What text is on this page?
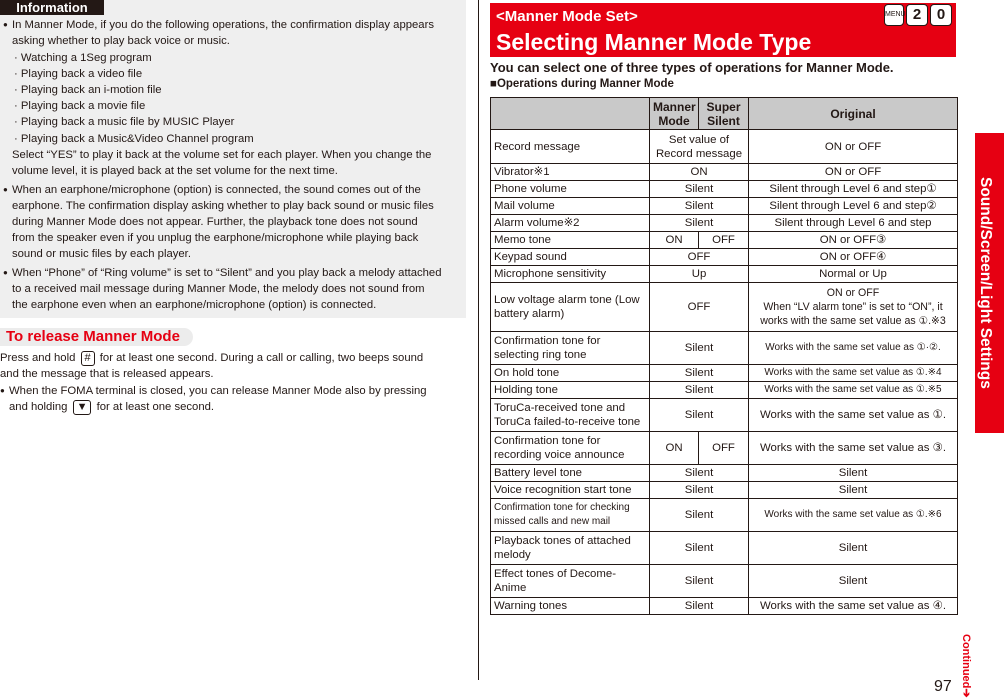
Information
● In Manner Mode, if you do the following operations, the confirmation display appears
asking whether to play back voice or music.
· Watching a 1Seg program
· Playing back a video file
· Playing back an i-motion file
· Playing back a movie file
· Playing back a music file by MUSIC Player
· Playing back a Music&Video Channel program
Select “YES” to play it back at the volume set for each player. When you change the
volume level, it is played back at the set volume for the next time.
● When an earphone/microphone (option) is connected, the sound comes out of the
earphone. The confirmation display asking whether to play back sound or music files
during Manner Mode does not appear. Further, the playback tone does not sound
from the speaker even if you unplug the earphone/microphone while playing back
sound or music files by each player.
● When “Phone” of “Ring volume” is set to “Silent” and you play back a melody attached
to a received mail message during Manner Mode, the melody does not sound from
the earphone even when an earphone/microphone (option) is connected.
To release Manner Mode
Press and hold # for at least one second. During a call or calling, two beeps sound
and the message that is released appears.
● When the FOMA terminal is closed, you can release Manner Mode also by pressing
and holding ▼ for at least one second.
<Manner Mode Set>
Selecting Manner Mode Type
MENU 2	0
You can select one of three types of operations for Manner Mode.
■Operations during Manner Mode
	Manner Mode	Super Silent	Original
Record message	Set value of Record message		ON or OFF
Vibrator※1	ON		ON or OFF
Phone volume	Silent		Silent through Level 6 and step①
Mail volume	Silent		Silent through Level 6 and step②
Alarm volume※2	Silent		Silent through Level 6 and step
Memo tone	ON	OFF	ON or OFF③
Keypad sound	OFF		ON or OFF④
Microphone sensitivity	Up		Normal or Up
Low voltage alarm tone (Low battery alarm)	OFF		ON or OFF
When “LV alarm tone” is set to “ON”, it works with the same set value as ①.※3
Confirmation tone for selecting ring tone	Silent		Works with the same set value as ①·②.
On hold tone	Silent		Works with the same set value as ①.※4
Holding tone	Silent		Works with the same set value as ①.※5
ToruCa-received tone and ToruCa failed-to-receive tone	Silent		Works with the same set value as ①.
Confirmation tone for recording voice announce	ON	OFF	Works with the same set value as ③.
Battery level tone	Silent		Silent
Voice recognition start tone	Silent		Silent
Confirmation tone for checking missed calls and new mail	Silent		Works with the same set value as ①.※6
Playback tones of attached melody	Silent		Silent
Effect tones of Decome-Anime	Silent		Silent
Warning tones	Silent		Works with the same set value as ④.
Sound/Screen/Light Settings
Continued➔
97
